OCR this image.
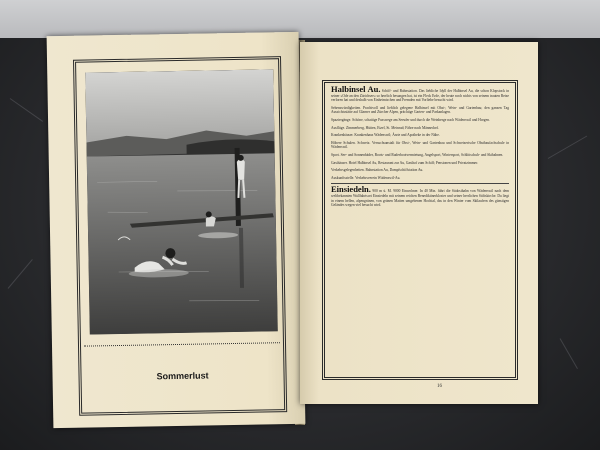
Sommerlust

Halbinsel Au. Schiff- und Bahnstation. Das liebliche Idyll der Halbinsel Au, die schon Klopstock in seiner »Ode an den Zürichsee« so herrlich besungen hat, ist ein Fleck Erde, der heute noch nichts von seinem trauten Reize verloren hat und deshalb von Einheimischen und Fremden mit Vorliebe besucht wird.

Sehenswürdigkeiten. Prachtvoll und lieblich gelegene Halbinsel mit Obst-, Wein- und Gartenbau; den ganzen Tag Aussichtsstätte auf Glarner und Zürcher Alpen, prächtige Garten- und Parkanlagen.

Spaziergänge. Schöne, schattige Fusswege am Seeufer und durch die Weinberge nach Wädenswil und Horgen.

Ausflüge. Zimmerberg, Hütten, Etzel, St. Meinrad; Fähre nach Männedorf.

Krankenhäuser. Krankenhaus Wädenswil; Ärzte und Apotheke in der Nähe.

Höhere Schulen. Schweiz. Versuchsanstalt für Obst-, Wein- und Gartenbau und Schweizerische Obstbaufachschule in Wädenswil.

Sport. See- und Sonnenbäder, Boots- und Ruderbootvermietung, Angelsport, Wintersport, Schlittschuh- und Skibahnen.

Gasthäuser. Hotel Halbinsel Au, Restaurant zur Au, Gasthof zum Schiff; Pensionen und Privatzimmer.

Verkehrsgelegenheiten. Bahnstation Au, Dampfschiffstation Au.

Auskunftsstelle. Verkehrsverein Wädenswil-Au.

Einsiedeln. 900 m ü. M. 9000 Einwohner. In 40 Min. führt die Südostbahn von Wädenswil nach dem weltbekannten Wallfahrtsort Einsiedeln mit seinem reichen Benediktinerkloster und seiner herrlichen Stiftskirche. Da liegt in einem hellen, alpengrünen, von grünen Matten umgebenen Hochtal, das in den Winter vom Skilaufern des günstigen Geländes wegen viel besucht wird.

16
